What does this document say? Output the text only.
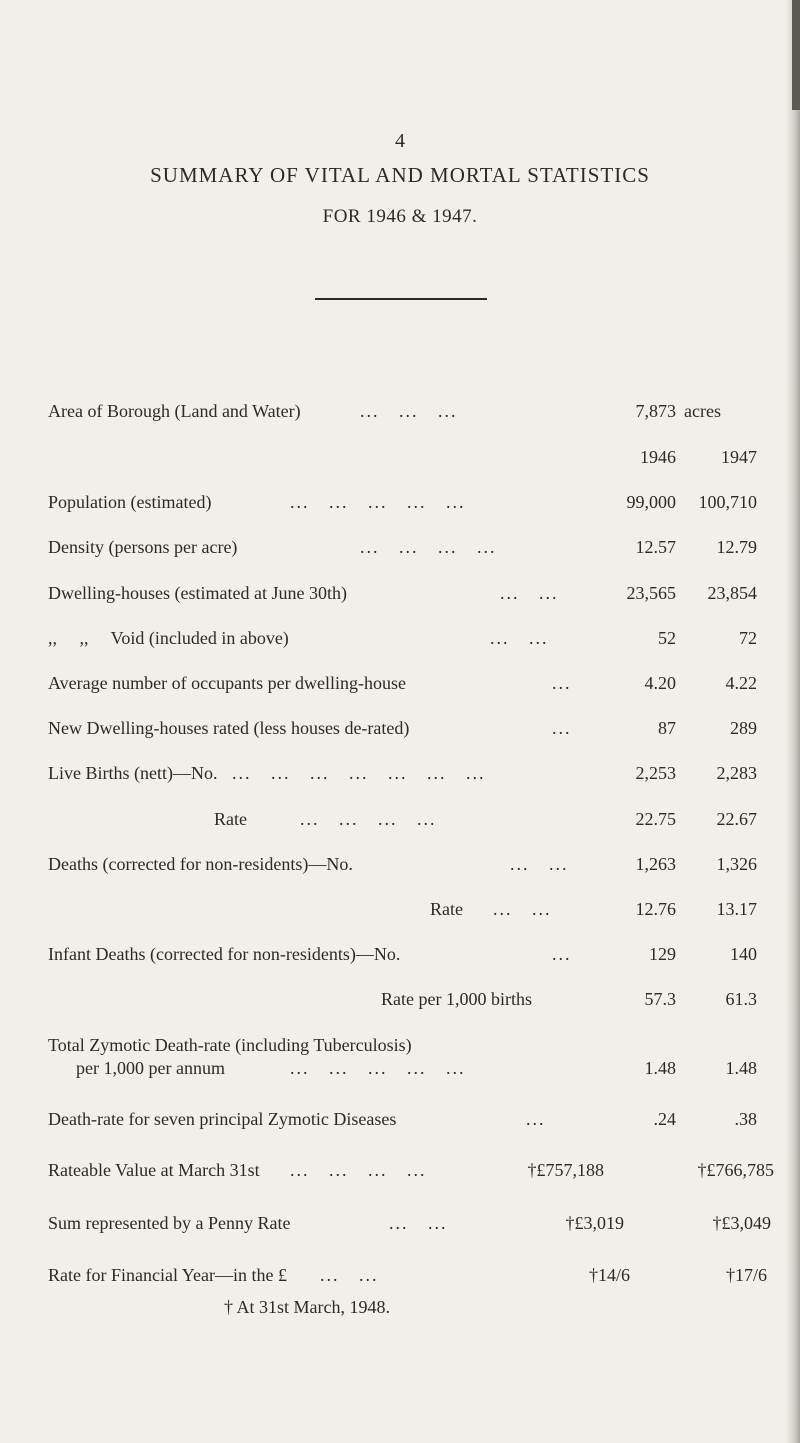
4
SUMMARY OF VITAL AND MORTAL STATISTICS
FOR 1946 & 1947.
Area of Borough (Land and Water)	...   ...   ...	7,873 acres
1946	1947
Population (estimated)	...   ...   ...   ...   ...	99,000 100,710
Density (persons per acre)	...   ...   ...   ...	12.57 12.79
Dwelling-houses (estimated at June 30th)	...   ...	23,565 23,854
,,     ,,     Void (included in above)	...   ...	52	72
Average number of occupants per dwelling-house	...	4.20	4.22
New Dwelling-houses rated (less houses de-rated)	...	87	289
Live Births (nett)—No. ...   ...   ...   ...   ...   ...   ...	2,253 2,283
Rate	...   ...   ...   ...	22.75 22.67
Deaths (corrected for non-residents)—No.	...   ...	1,263 1,326
Rate ...   ...	12.76 13.17
Infant Deaths (corrected for non-residents)—No.	...	129	140
Rate per 1,000 births	57.3	61.3
Total Zymotic Death-rate (including Tuberculosis)
per 1,000 per annum	...   ...   ...   ...   ...	1.48	1.48
Death-rate for seven principal Zymotic Diseases	...	.24	.38
Rateable Value at March 31st ...   ...   ...   ...	†£757,188	†£766,785
Sum represented by a Penny Rate	...   ...	†£3,019	†£3,049
Rate for Financial Year—in the £ ...   ...	†14/6	†17/6
† At 31st March, 1948.
